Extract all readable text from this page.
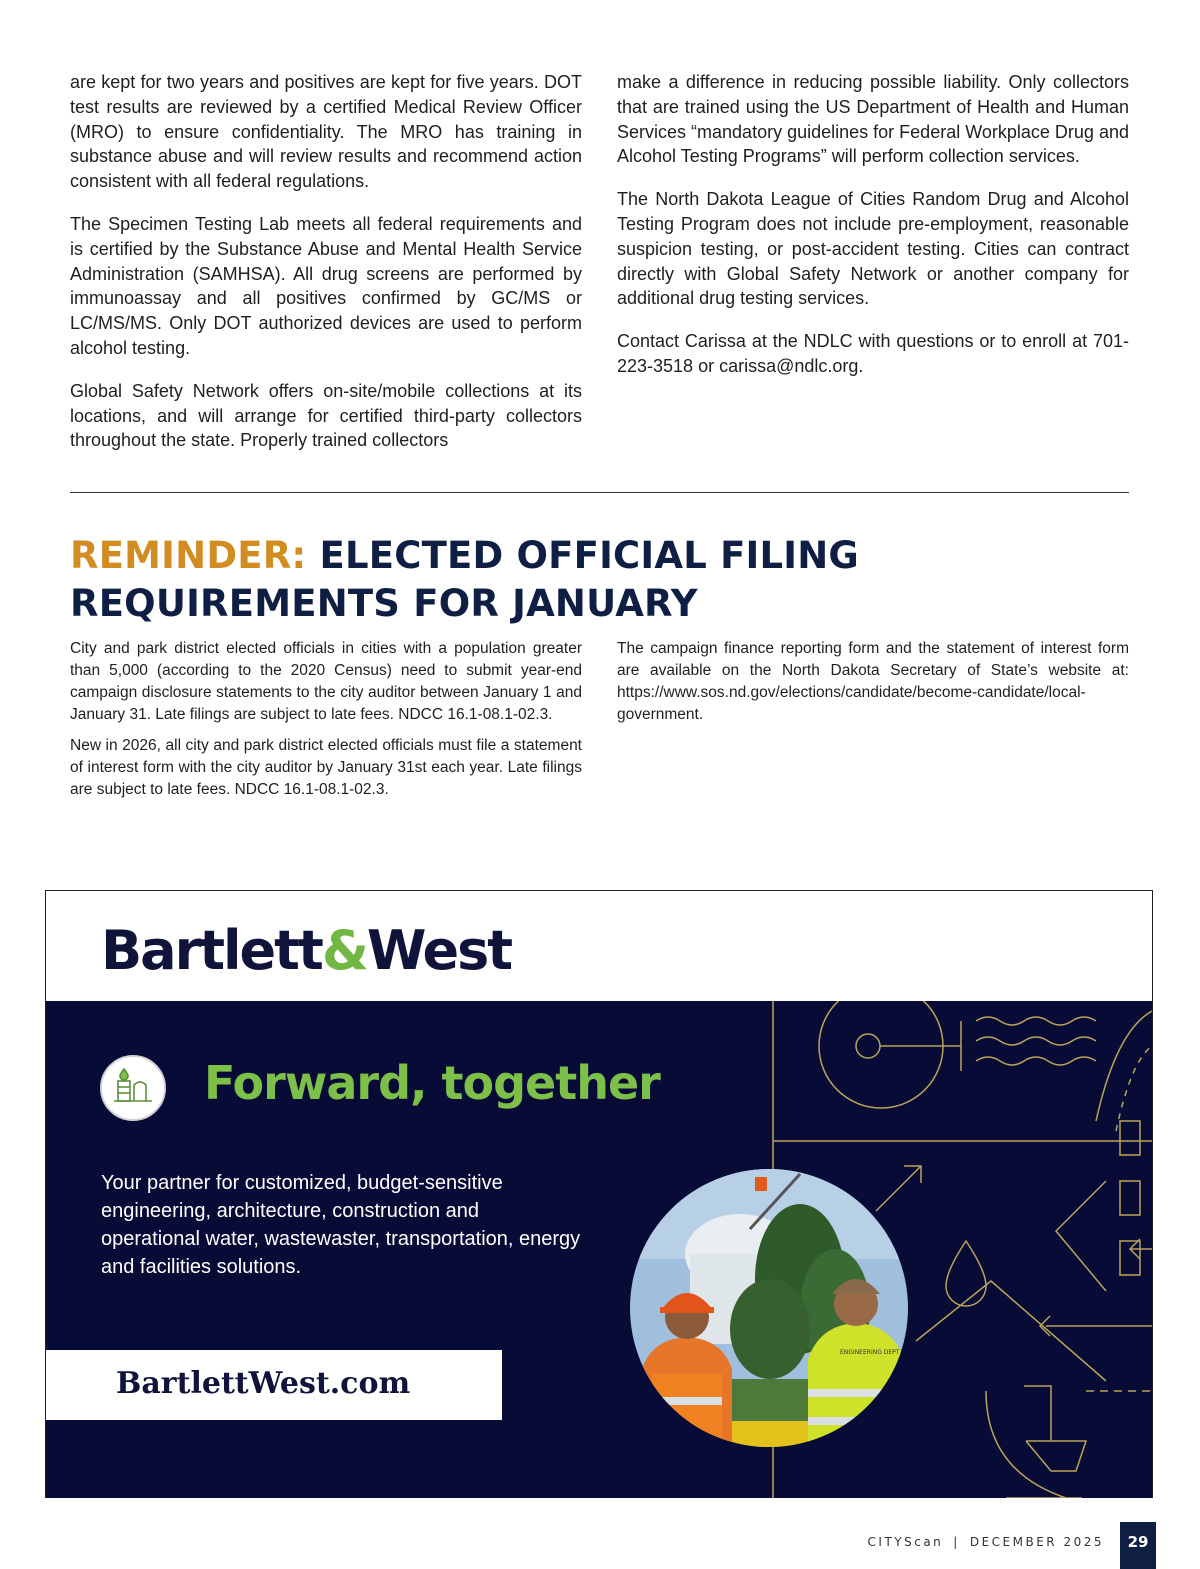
are kept for two years and positives are kept for five years. DOT test results are reviewed by a certified Medical Review Officer (MRO) to ensure confidentiality. The MRO has training in substance abuse and will review results and recommend action consistent with all federal regulations.

The Specimen Testing Lab meets all federal requirements and is certified by the Substance Abuse and Mental Health Service Administration (SAMHSA). All drug screens are performed by immunoassay and all positives confirmed by GC/MS or LC/MS/MS. Only DOT authorized devices are used to perform alcohol testing.

Global Safety Network offers on-site/mobile collections at its locations, and will arrange for certified third-party collectors throughout the state. Properly trained collectors

make a difference in reducing possible liability. Only collectors that are trained using the US Department of Health and Human Services “mandatory guidelines for Federal Workplace Drug and Alcohol Testing Programs” will perform collection services.

The North Dakota League of Cities Random Drug and Alcohol Testing Program does not include pre-employment, reasonable suspicion testing, or post-accident testing. Cities can contract directly with Global Safety Network or another company for additional drug testing services.

Contact Carissa at the NDLC with questions or to enroll at 701-223-3518 or carissa@ndlc.org.

REMINDER: ELECTED OFFICIAL FILING REQUIREMENTS FOR JANUARY

City and park district elected officials in cities with a population greater than 5,000 (according to the 2020 Census) need to submit year-end campaign disclosure statements to the city auditor between January 1 and January 31. Late filings are subject to late fees. NDCC 16.1-08.1-02.3.

New in 2026, all city and park district elected officials must file a statement of interest form with the city auditor by January 31st each year. Late filings are subject to late fees. NDCC 16.1-08.1-02.3.

The campaign finance reporting form and the statement of interest form are available on the North Dakota Secretary of State’s website at: https://www.sos.nd.gov/elections/candidate/become-candidate/local-government.

Bartlett&West
Forward, together
Your partner for customized, budget-sensitive engineering, architecture, construction and operational water, wastewaster, transportation, energy and facilities solutions.
BartlettWest.com
ENGINEERING DEPT
CITYScan | DECEMBER 2025	29
